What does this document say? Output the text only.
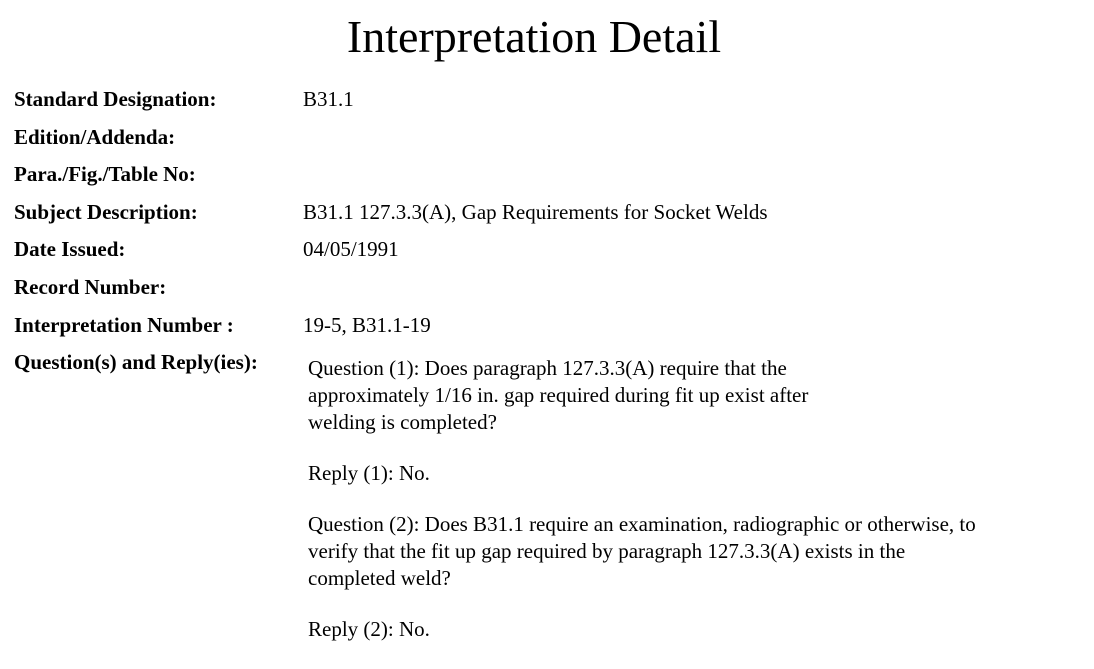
Interpretation Detail
Standard Designation:	B31.1
Edition/Addenda:
Para./Fig./Table No:
Subject Description:	B31.1 127.3.3(A), Gap Requirements for Socket Welds
Date Issued:	04/05/1991
Record Number:
Interpretation Number :	19-5, B31.1-19
Question(s) and Reply(ies): Question (1): Does paragraph 127.3.3(A) require that the
approximately 1/16 in. gap required during fit up exist after
welding is completed?

Reply (1): No.

Question (2): Does B31.1 require an examination, radiographic or otherwise, to
verify that the fit up gap required by paragraph 127.3.3(A) exists in the
completed weld?

Reply (2): No.
